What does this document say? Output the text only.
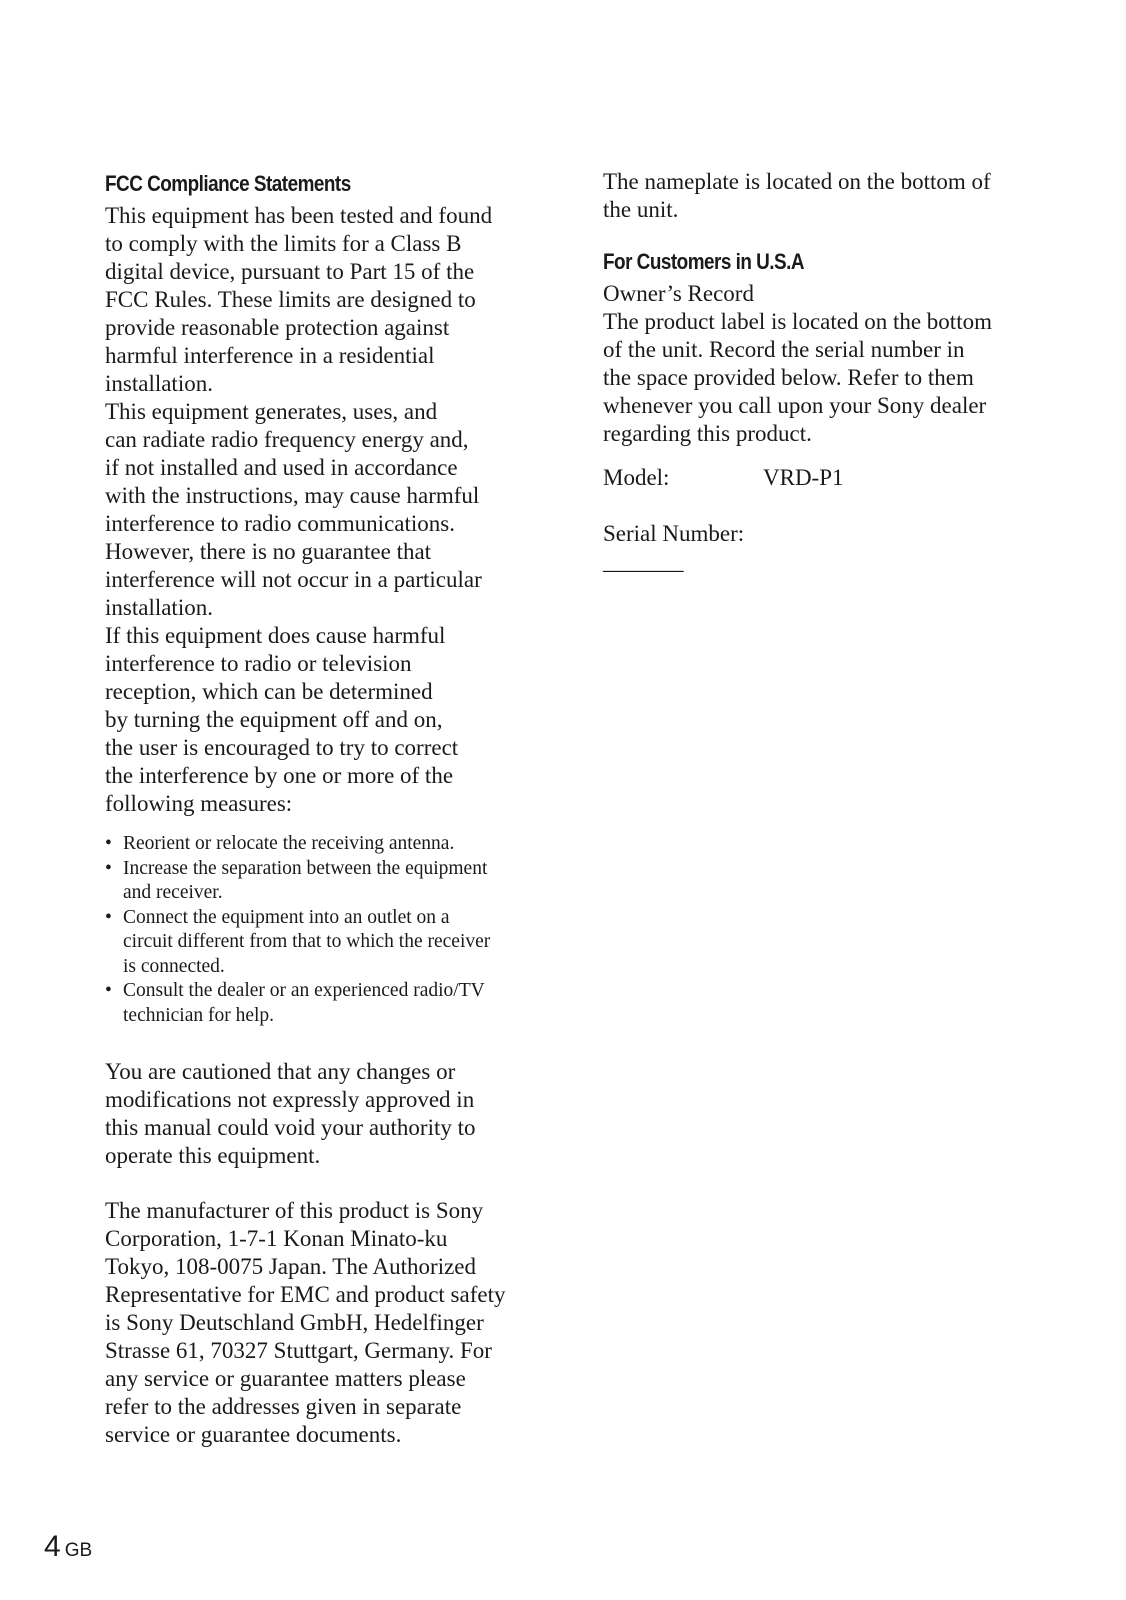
FCC Compliance Statements

This equipment has been tested and found
to comply with the limits for a Class B
digital device, pursuant to Part 15 of the
FCC Rules. These limits are designed to
provide reasonable protection against
harmful interference in a residential
installation.

This equipment generates, uses, and
can radiate radio frequency energy and,
if not installed and used in accordance
with the instructions, may cause harmful
interference to radio communications.
However, there is no guarantee that
interference will not occur in a particular
installation.

If this equipment does cause harmful
interference to radio or television
reception, which can be determined
by turning the equipment off and on,
the user is encouraged to try to correct
the interference by one or more of the
following measures:

• Reorient or relocate the receiving antenna.
• Increase the separation between the equipment
and receiver.
• Connect the equipment into an outlet on a
circuit different from that to which the receiver
is connected.
• Consult the dealer or an experienced radio/TV
technician for help.

You are cautioned that any changes or
modifications not expressly approved in
this manual could void your authority to
operate this equipment.

The manufacturer of this product is Sony
Corporation, 1-7-1 Konan Minato-ku
Tokyo, 108-0075 Japan. The Authorized
Representative for EMC and product safety
is Sony Deutschland GmbH, Hedelfinger
Strasse 61, 70327 Stuttgart, Germany. For
any service or guarantee matters please
refer to the addresses given in separate
service or guarantee documents.

The nameplate is located on the bottom of
the unit.

For Customers in U.S.A

Owner’s Record

The product label is located on the bottom
of the unit. Record the serial number in
the space provided below. Refer to them
whenever you call upon your Sony dealer
regarding this product.

Model:	VRD-P1

Serial Number:
_______

4 GB
